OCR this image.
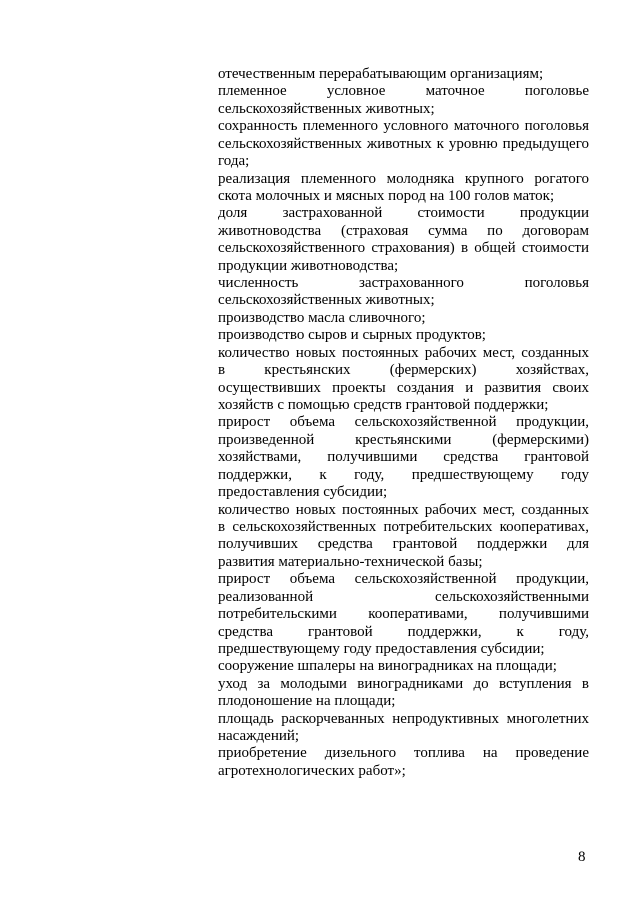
отечественным перерабатывающим организациям;
племенное условное маточное поголовье
сельскохозяйственных животных;
сохранность племенного условного маточного поголовья
сельскохозяйственных животных к уровню предыдущего
года;
реализация племенного молодняка крупного рогатого
скота молочных и мясных пород на 100 голов маток;
доля застрахованной стоимости продукции
животноводства (страховая сумма по договорам
сельскохозяйственного страхования) в общей стоимости
продукции животноводства;
численность застрахованного поголовья
сельскохозяйственных животных;
производство масла сливочного;
производство сыров и сырных продуктов;
количество новых постоянных рабочих мест, созданных
в крестьянских (фермерских) хозяйствах,
осуществивших проекты создания и развития своих
хозяйств с помощью средств грантовой поддержки;
прирост объема сельскохозяйственной продукции,
произведенной крестьянскими (фермерскими)
хозяйствами, получившими средства грантовой
поддержки, к году, предшествующему году
предоставления субсидии;
количество новых постоянных рабочих мест, созданных
в сельскохозяйственных потребительских кооперативах,
получивших средства грантовой поддержки для
развития материально-технической базы;
прирост объема сельскохозяйственной продукции,
реализованной сельскохозяйственными
потребительскими кооперативами, получившими
средства грантовой поддержки, к году,
предшествующему году предоставления субсидии;
сооружение шпалеры на виноградниках на площади;
уход за молодыми виноградниками до вступления в
плодоношение на площади;
площадь раскорчеванных непродуктивных многолетних
насаждений;
приобретение дизельного топлива на проведение
агротехнологических работ»;
8
